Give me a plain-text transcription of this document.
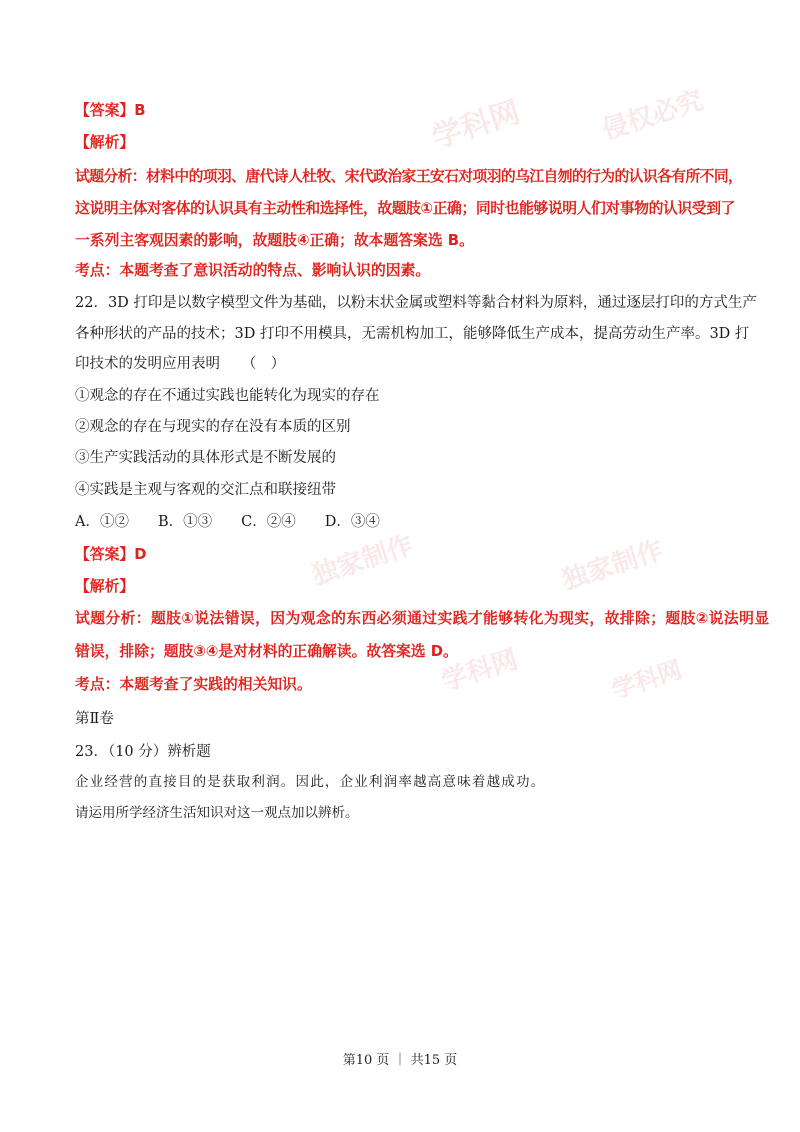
学科网	侵权必究
独家制作	独家制作
学科网	学科网
【答案】B
【解析】
试题分析：材料中的项羽、唐代诗人杜牧、宋代政治家王安石对项羽的乌江自刎的行为的认识各有所不同，
这说明主体对客体的认识具有主动性和选择性，故题肢①正确；同时也能够说明人们对事物的认识受到了
一系列主客观因素的影响，故题肢④正确；故本题答案选 B。
考点：本题考查了意识活动的特点、影响认识的因素。
22．3D 打印是以数字模型文件为基础，以粉末状金属或塑料等黏合材料为原料，通过逐层打印的方式生产
各种形状的产品的技术；3D 打印不用模具，无需机构加工，能够降低生产成本，提高劳动生产率。3D 打
印技术的发明应用表明　　（　）
①观念的存在不通过实践也能转化为现实的存在
②观念的存在与现实的存在没有本质的区别
③生产实践活动的具体形式是不断发展的
④实践是主观与客观的交汇点和联接纽带
A．①②　　B．①③　　C．②④　　D．③④
【答案】D
【解析】
试题分析：题肢①说法错误，因为观念的东西必须通过实践才能够转化为现实，故排除；题肢②说法明显
错误，排除；题肢③④是对材料的正确解读。故答案选 D。
考点：本题考查了实践的相关知识。
第Ⅱ卷
23．（10 分）辨析题
企业经营的直接目的是获取利润。因此，企业利润率越高意味着越成功。
请运用所学经济生活知识对这一观点加以辨析。
第10 页 ｜ 共15 页
